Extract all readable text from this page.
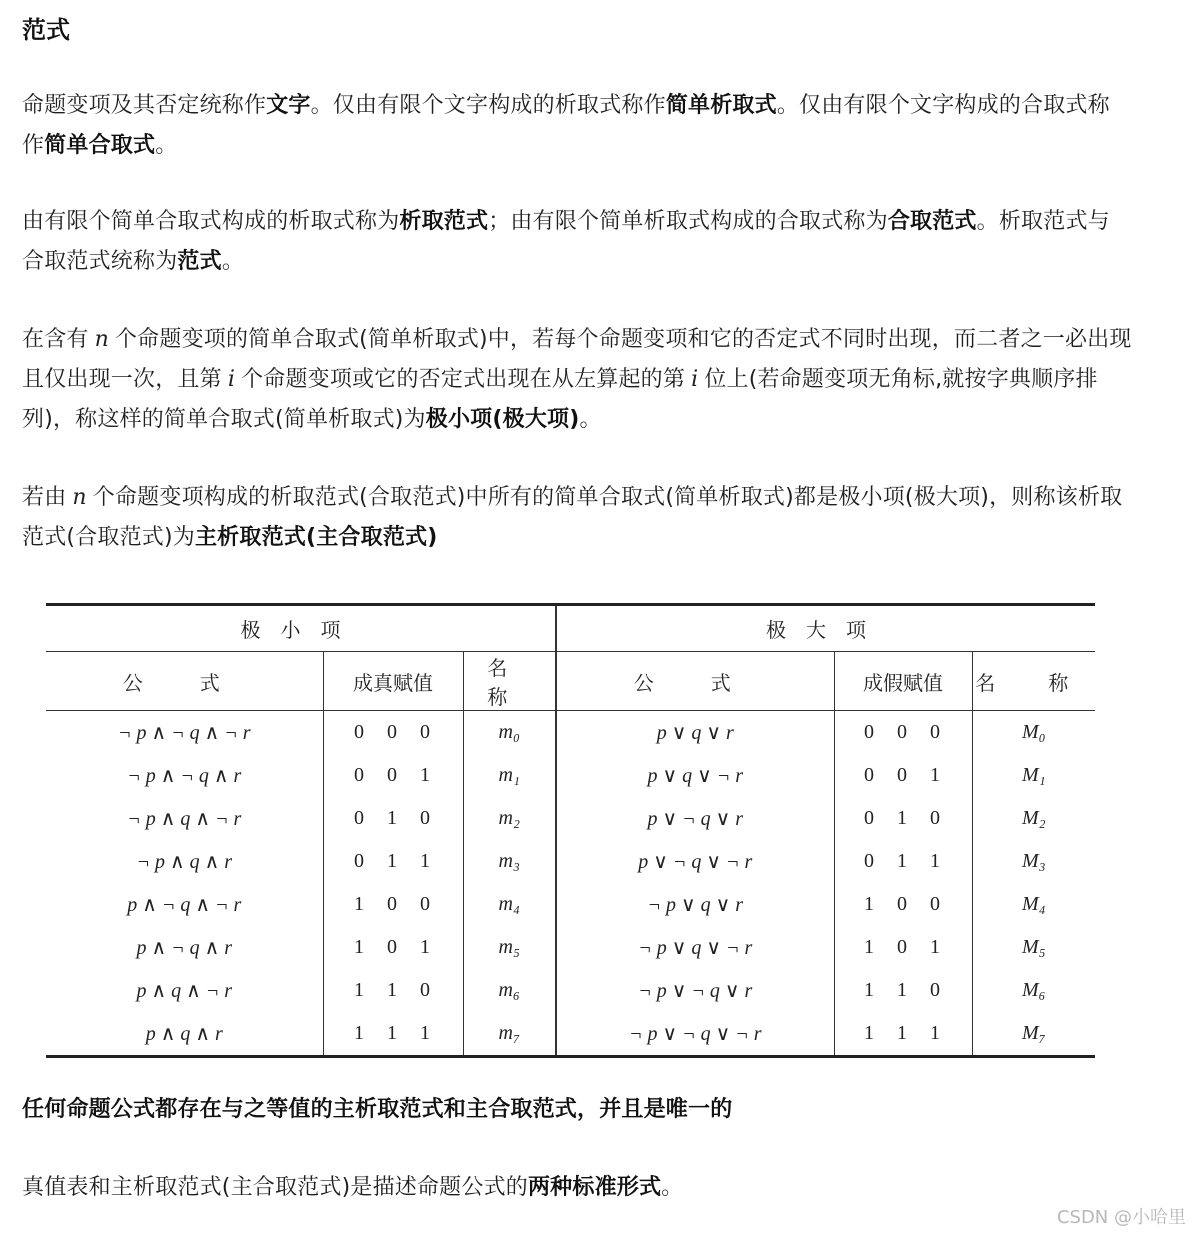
范式

命题变项及其否定统称作文字。仅由有限个文字构成的析取式称作简单析取式。仅由有限个文字构成的合取式称作简单合取式。

由有限个简单合取式构成的析取式称为析取范式；由有限个简单析取式构成的合取式称为合取范式。析取范式与合取范式统称为范式。

在含有 n 个命题变项的简单合取式(简单析取式)中，若每个命题变项和它的否定式不同时出现，而二者之一必出现且仅出现一次，且第 i 个命题变项或它的否定式出现在从左算起的第 i 位上(若命题变项无角标,就按字典顺序排列)，称这样的简单合取式(简单析取式)为极小项(极大项)。

若由 n 个命题变项构成的析取范式(合取范式)中所有的简单合取式(简单析取式)都是极小项(极大项)，则称该析取范式(合取范式)为主析取范式(主合取范式)

极小项			极大项		
公 式	成真赋值	名 称	公 式	成假赋值	名 称
¬ p ∧ ¬ q ∧ ¬ r	0   0   0	m₀	p ∨ q ∨ r	0   0   0	M₀
¬ p ∧ ¬ q ∧ r	0   0   1	m₁	p ∨ q ∨ ¬ r	0   0   1	M₁
¬ p ∧ q ∧ ¬ r	0   1   0	m₂	p ∨ ¬ q ∨ r	0   1   0	M₂
¬ p ∧ q ∧ r	0   1   1	m₃	p ∨ ¬ q ∨ ¬ r	0   1   1	M₃
p ∧ ¬ q ∧ ¬ r	1   0   0	m₄	¬ p ∨ q ∨ r	1   0   0	M₄
p ∧ ¬ q ∧ r	1   0   1	m₅	¬ p ∨ q ∨ ¬ r	1   0   1	M₅
p ∧ q ∧ ¬ r	1   1   0	m₆	¬ p ∨ ¬ q ∨ r	1   1   0	M₆
p ∧ q ∧ r	1   1   1	m₇	¬ p ∨ ¬ q ∨ ¬ r	1   1   1	M₇

任何命题公式都存在与之等值的主析取范式和主合取范式，并且是唯一的

真值表和主析取范式(主合取范式)是描述命题公式的两种标准形式。

CSDN @小哈里
